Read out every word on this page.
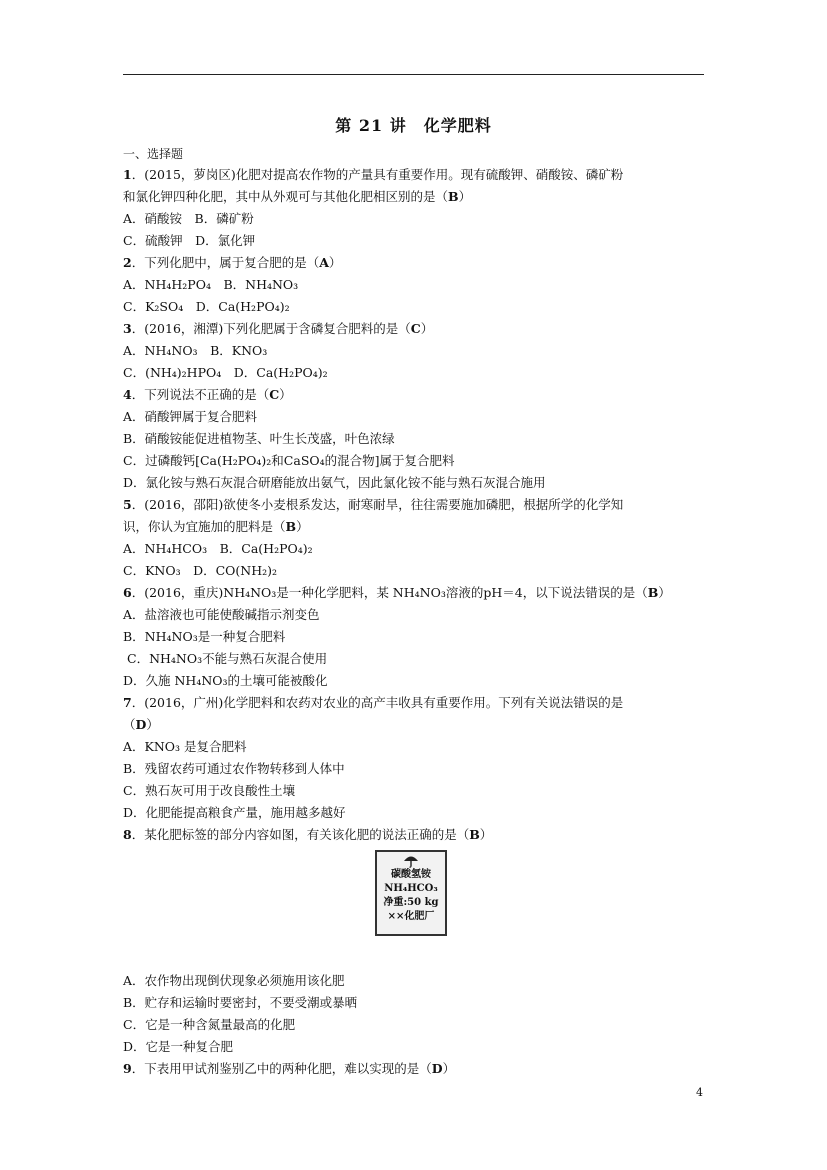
第 21 讲　化学肥料
一、选择题
1．(2015，萝岗区)化肥对提高农作物的产量具有重要作用。现有硫酸钾、硝酸铵、磷矿粉
和氯化钾四种化肥，其中从外观可与其他化肥相区别的是（B）
A．硝酸铵　B．磷矿粉
C．硫酸钾　D．氯化钾
2．下列化肥中，属于复合肥的是（A）
A．NH₄H₂PO₄　B．NH₄NO₃
C．K₂SO₄　D．Ca(H₂PO₄)₂
3．(2016，湘潭)下列化肥属于含磷复合肥料的是（C）
A．NH₄NO₃　B．KNO₃
C．(NH₄)₂HPO₄　D．Ca(H₂PO₄)₂
4．下列说法不正确的是（C）
A．硝酸钾属于复合肥料
B．硝酸铵能促进植物茎、叶生长茂盛，叶色浓绿
C．过磷酸钙[Ca(H₂PO₄)₂和CaSO₄的混合物]属于复合肥料
D．氯化铵与熟石灰混合研磨能放出氨气，因此氯化铵不能与熟石灰混合施用
5．(2016，邵阳)欲使冬小麦根系发达，耐寒耐旱，往往需要施加磷肥，根据所学的化学知
识，你认为宜施加的肥料是（B）
A．NH₄HCO₃　B．Ca(H₂PO₄)₂
C．KNO₃　D．CO(NH₂)₂
6．(2016，重庆)NH₄NO₃是一种化学肥料，某 NH₄NO₃溶液的pH＝4，以下说法错误的是（B）
A．盐溶液也可能使酸碱指示剂变色
B．NH₄NO₃是一种复合肥料
C．NH₄NO₃不能与熟石灰混合使用
D．久施 NH₄NO₃的土壤可能被酸化
7．(2016，广州)化学肥料和农药对农业的高产丰收具有重要作用。下列有关说法错误的是
（D）
A．KNO₃ 是复合肥料
B．残留农药可通过农作物转移到人体中
C．熟石灰可用于改良酸性土壤
D．化肥能提高粮食产量，施用越多越好
8．某化肥标签的部分内容如图，有关该化肥的说法正确的是（B）
碳酸氢铵
NH₄HCO₃
净重:50 kg
××化肥厂
A．农作物出现倒伏现象必须施用该化肥
B．贮存和运输时要密封，不要受潮或暴晒
C．它是一种含氮量最高的化肥
D．它是一种复合肥
9．下表用甲试剂鉴别乙中的两种化肥，难以实现的是（D）
4
